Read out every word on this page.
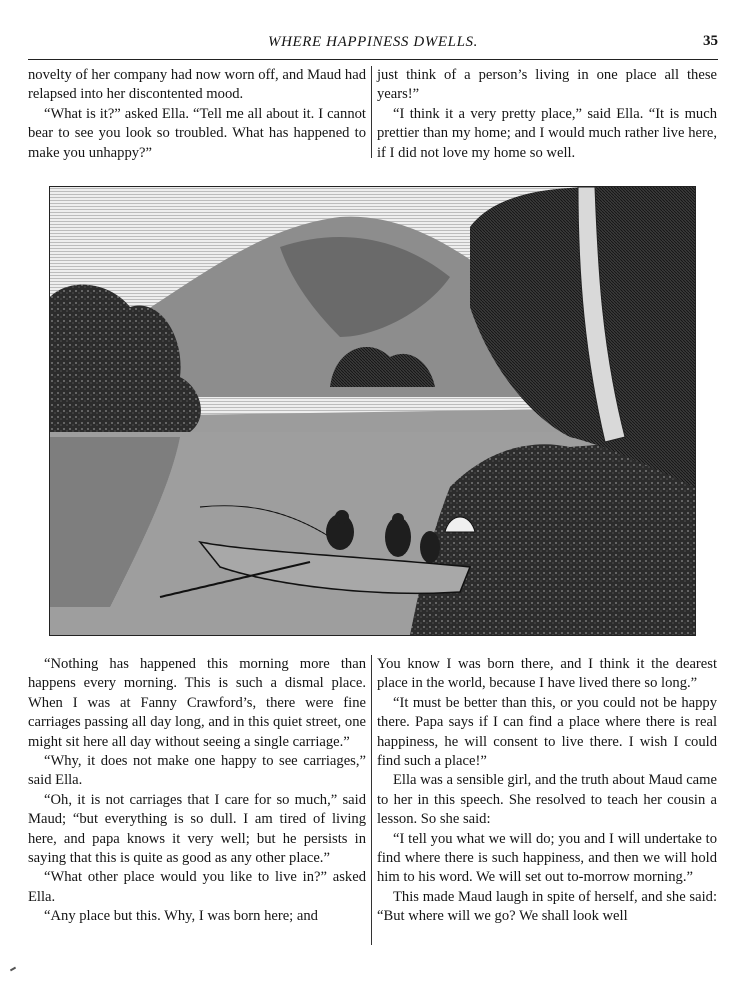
WHERE HAPPINESS DWELLS.	35

novelty of her company had now worn off, and Maud had relapsed into her discontented mood.

“What is it?” asked Ella. “Tell me all about it. I cannot bear to see you look so troubled. What has happened to make you unhappy?”

just think of a person’s living in one place all these years!”

“I think it a very pretty place,” said Ella. “It is much prettier than my home; and I would much rather live here, if I did not love my home so well.

“Nothing has happened this morning more than happens every morning. This is such a dismal place. When I was at Fanny Crawford’s, there were fine carriages passing all day long, and in this quiet street, one might sit here all day without seeing a single carriage.”

“Why, it does not make one happy to see carriages,” said Ella.

“Oh, it is not carriages that I care for so much,” said Maud; “but everything is so dull. I am tired of living here, and papa knows it very well; but he persists in saying that this is quite as good as any other place.”

“What other place would you like to live in?” asked Ella.

“Any place but this. Why, I was born here; and

You know I was born there, and I think it the dearest place in the world, because I have lived there so long.”

“It must be better than this, or you could not be happy there. Papa says if I can find a place where there is real happiness, he will consent to live there. I wish I could find such a place!”

Ella was a sensible girl, and the truth about Maud came to her in this speech. She resolved to teach her cousin a lesson. So she said:

“I tell you what we will do; you and I will undertake to find where there is such happiness, and then we will hold him to his word. We will set out to-morrow morning.”

This made Maud laugh in spite of herself, and she said: “But where will we go? We shall look well
